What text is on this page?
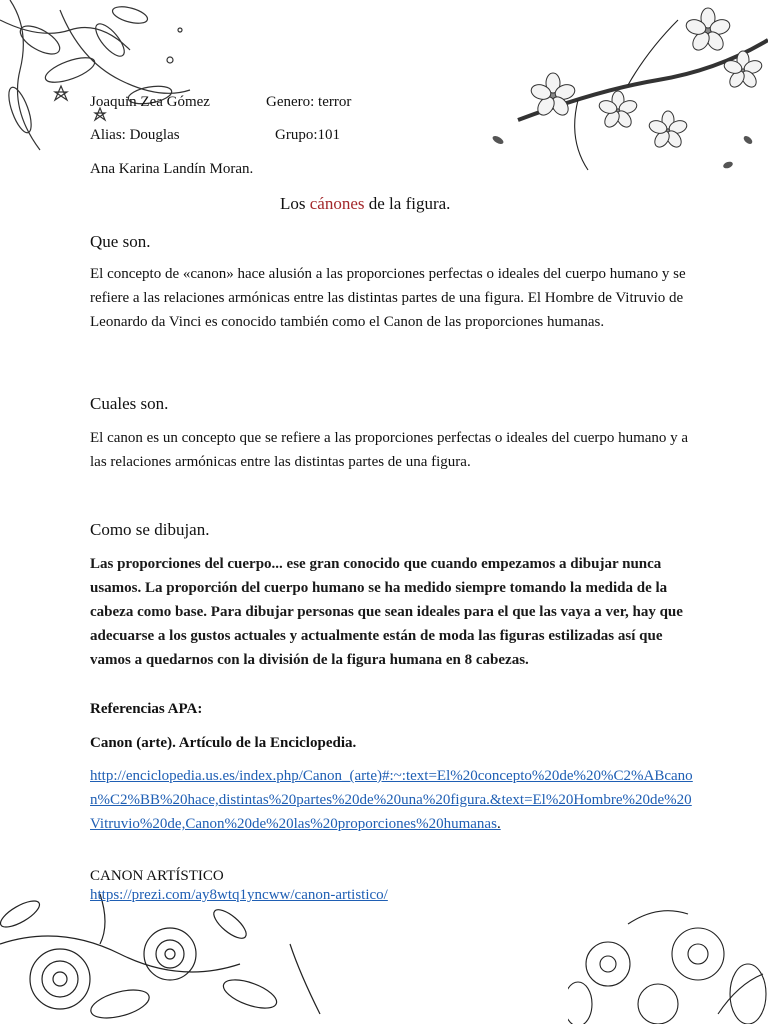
Joaquin Zea Gómez	Genero: terror
Alias: Douglas	Grupo:101
Ana Karina Landín Moran.
Los cánones de la figura.
Que son.

El concepto de «canon» hace alusión a las proporciones perfectas o ideales del cuerpo humano y se refiere a las relaciones armónicas entre las distintas partes de una figura. El Hombre de Vitruvio de Leonardo da Vinci es conocido también como el Canon de las proporciones humanas.

Cuales son.

El canon es un concepto que se refiere a las proporciones perfectas o ideales del cuerpo humano y a las relaciones armónicas entre las distintas partes de una figura.

Como se dibujan.

Las proporciones del cuerpo... ese gran conocido que cuando empezamos a dibujar nunca usamos. La proporción del cuerpo humano se ha medido siempre tomando la medida de la cabeza como base. Para dibujar personas que sean ideales para el que las vaya a ver, hay que adecuarse a los gustos actuales y actualmente están de moda las figuras estilizadas así que vamos a quedarnos con la división de la figura humana en 8 cabezas.

Referencias APA:

Canon (arte). Artículo de la Enciclopedia.

http://enciclopedia.us.es/index.php/Canon_(arte)#:~:text=El%20concepto%20de%20%C2%ABcanon%C2%BB%20hace,distintas%20partes%20de%20una%20figura.&text=El%20Hombre%20de%20Vitruvio%20de,Canon%20de%20las%20proporciones%20humanas.

CANON ARTÍSTICO

https://prezi.com/ay8wtq1yncww/canon-artistico/
